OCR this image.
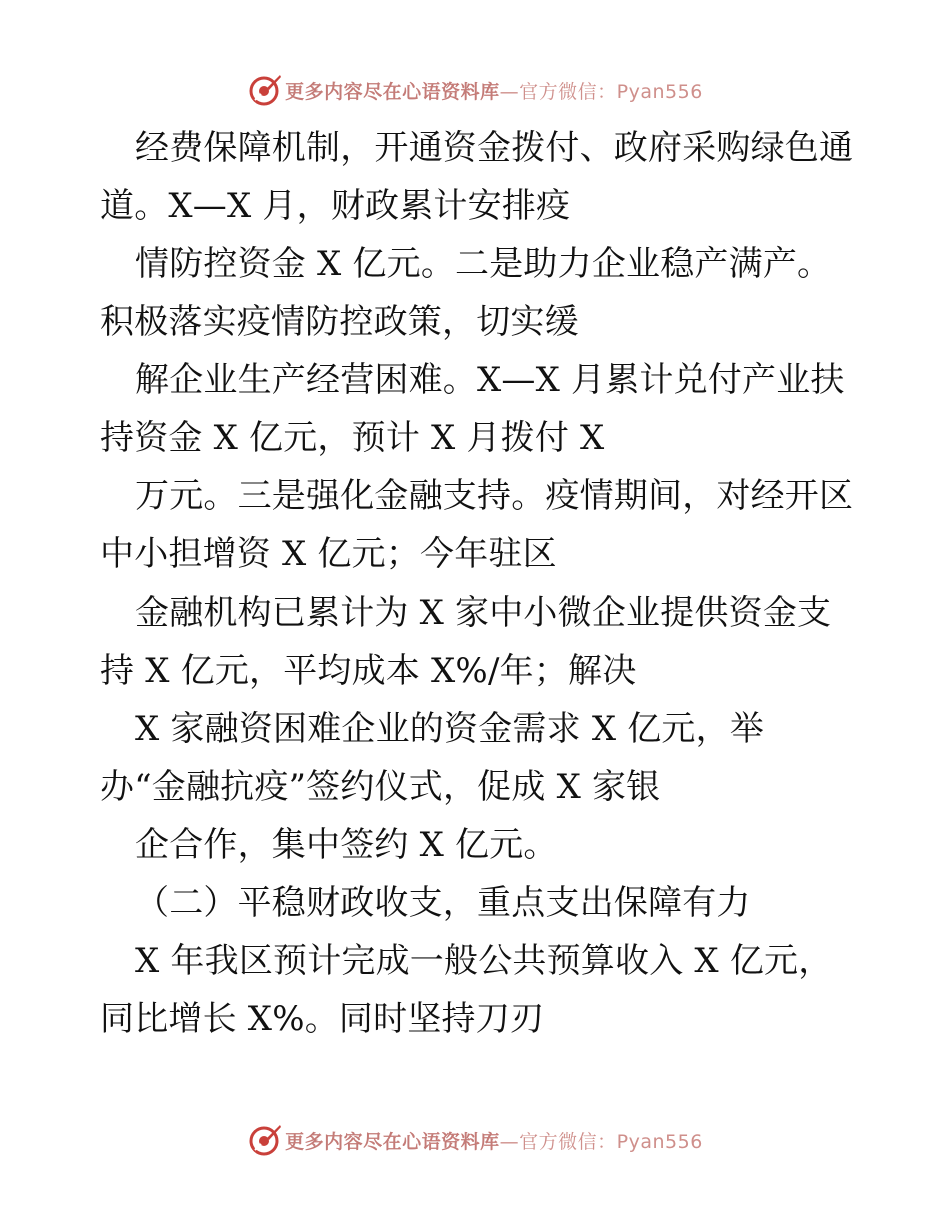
更多内容尽在心语资料库—官方微信：Pyan556
经费保障机制，开通资金拨付、政府采购绿色通
道。X—X 月，财政累计安排疫
情防控资金 X 亿元。二是助力企业稳产满产。
积极落实疫情防控政策，切实缓
解企业生产经营困难。X—X 月累计兑付产业扶
持资金 X 亿元，预计 X 月拨付 X
万元。三是强化金融支持。疫情期间，对经开区
中小担增资 X 亿元；今年驻区
金融机构已累计为 X 家中小微企业提供资金支
持 X 亿元，平均成本 X%/年；解决
X 家融资困难企业的资金需求 X 亿元，举
办“金融抗疫”签约仪式，促成 X 家银
企合作，集中签约 X 亿元。
（二）平稳财政收支，重点支出保障有力
X 年我区预计完成一般公共预算收入 X 亿元，
同比增长 X%。同时坚持刀刃
更多内容尽在心语资料库—官方微信：Pyan556
